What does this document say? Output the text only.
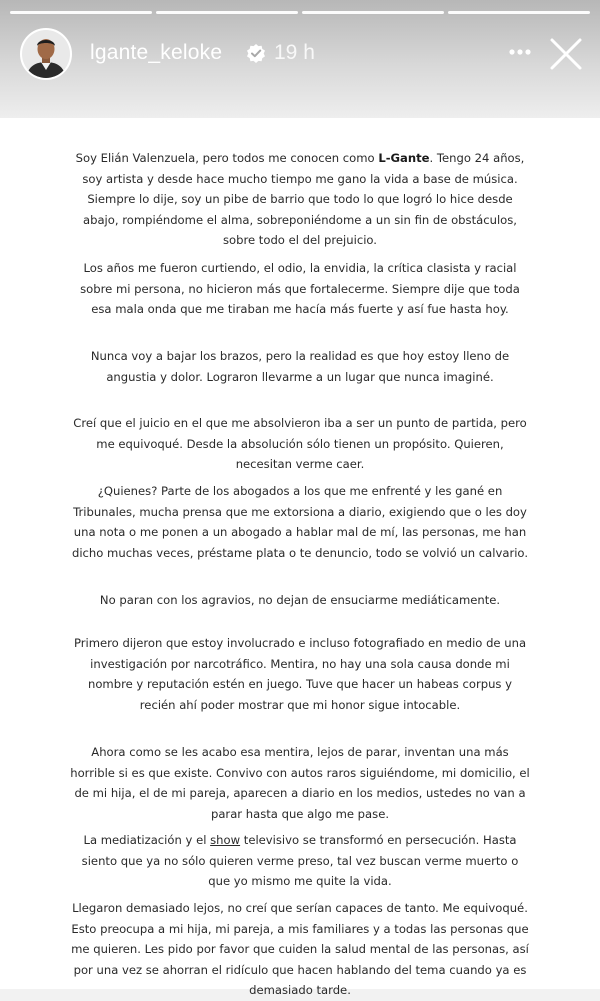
lgante_keloke 19 h

Soy Elián Valenzuela, pero todos me conocen como L-Gante. Tengo 24 años, soy artista y desde hace mucho tiempo me gano la vida a base de música. Siempre lo dije, soy un pibe de barrio que todo lo que logró lo hice desde abajo, rompiéndome el alma, sobreponiéndome a un sin fin de obstáculos, sobre todo el del prejuicio.

Los años me fueron curtiendo, el odio, la envidia, la crítica clasista y racial sobre mi persona, no hicieron más que fortalecerme. Siempre dije que toda esa mala onda que me tiraban me hacía más fuerte y así fue hasta hoy.

Nunca voy a bajar los brazos, pero la realidad es que hoy estoy lleno de angustia y dolor. Lograron llevarme a un lugar que nunca imaginé.

Creí que el juicio en el que me absolvieron iba a ser un punto de partida, pero me equivoqué. Desde la absolución sólo tienen un propósito. Quieren, necesitan verme caer.

¿Quienes? Parte de los abogados a los que me enfrenté y les gané en Tribunales, mucha prensa que me extorsiona a diario, exigiendo que o les doy una nota o me ponen a un abogado a hablar mal de mí, las personas, me han dicho muchas veces, préstame plata o te denuncio, todo se volvió un calvario.

No paran con los agravios, no dejan de ensuciarme mediáticamente.

Primero dijeron que estoy involucrado e incluso fotografiado en medio de una investigación por narcotráfico. Mentira, no hay una sola causa donde mi nombre y reputación estén en juego. Tuve que hacer un habeas corpus y recién ahí poder mostrar que mi honor sigue intocable.

Ahora como se les acabo esa mentira, lejos de parar, inventan una más horrible si es que existe. Convivo con autos raros siguiéndome, mi domicilio, el de mi hija, el de mi pareja, aparecen a diario en los medios, ustedes no van a parar hasta que algo me pase.

La mediatización y el show televisivo se transformó en persecución. Hasta siento que ya no sólo quieren verme preso, tal vez buscan verme muerto o que yo mismo me quite la vida.

Llegaron demasiado lejos, no creí que serían capaces de tanto. Me equivoqué. Esto preocupa a mi hija, mi pareja, a mis familiares y a todas las personas que me quieren. Les pido por favor que cuiden la salud mental de las personas, así por una vez se ahorran el ridículo que hacen hablando del tema cuando ya es demasiado tarde.
